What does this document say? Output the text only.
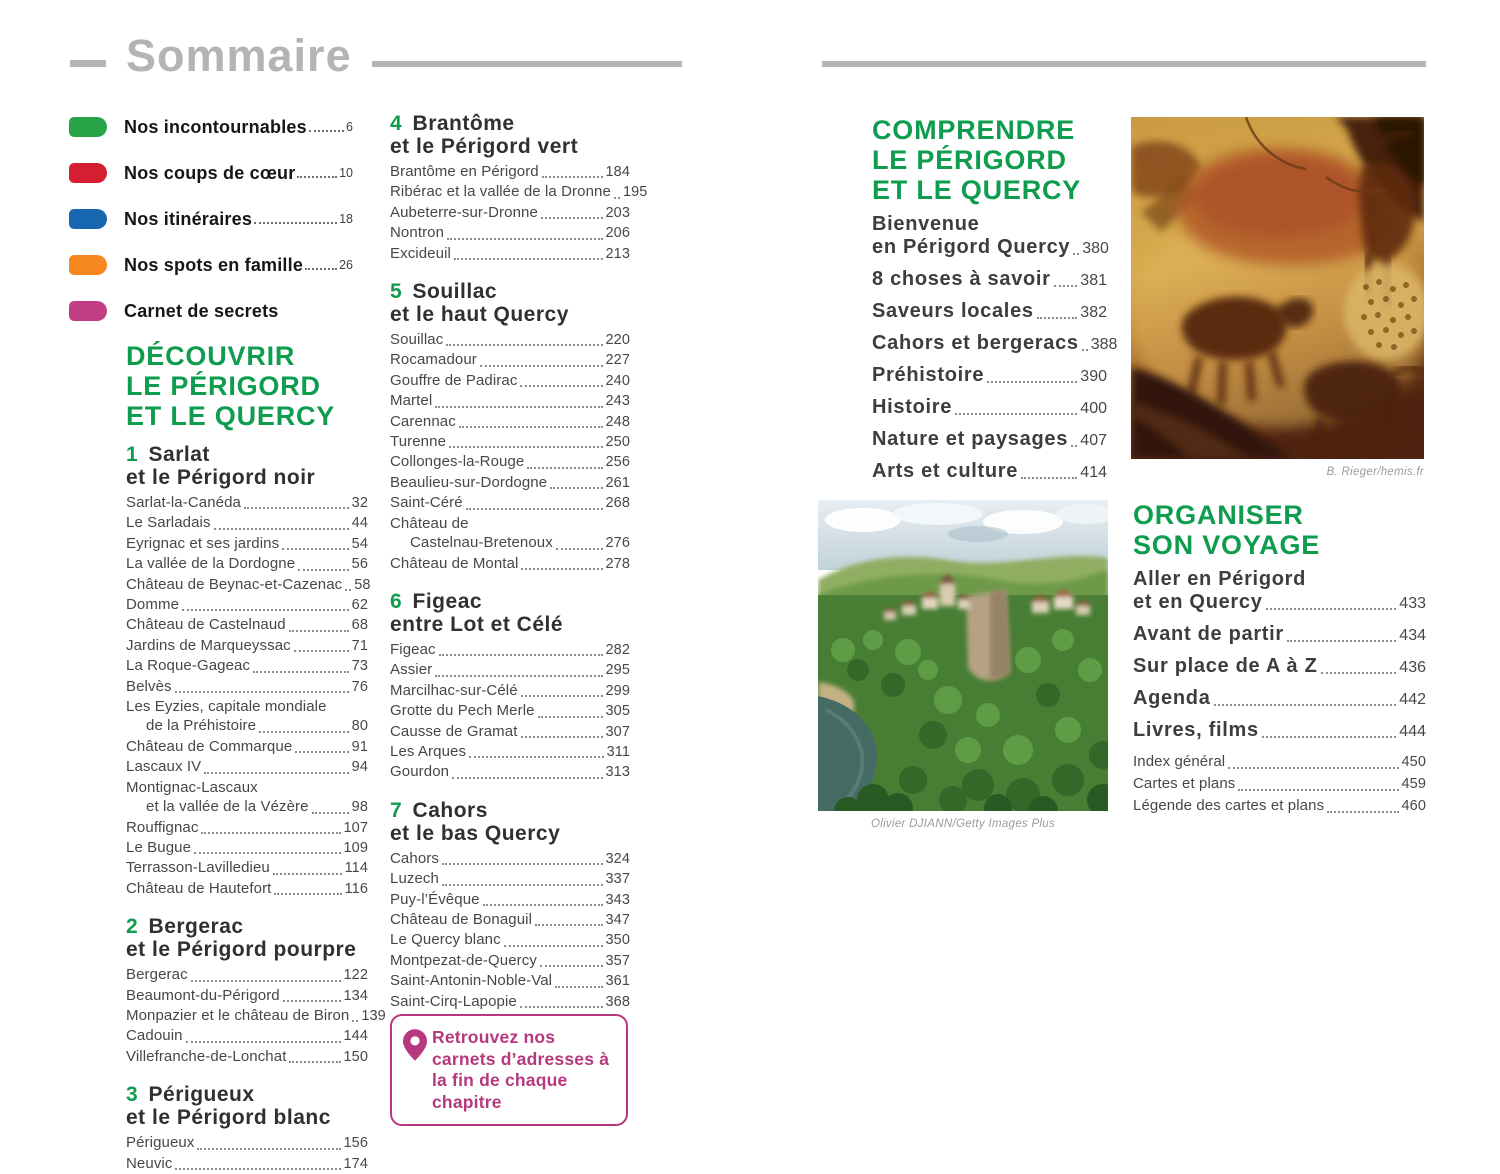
Sommaire
Nos incontournables	6
Nos coups de cœur	10
Nos itinéraires	18
Nos spots en famille	26
Carnet de secrets
DÉCOUVRIR
LE PÉRIGORD
ET LE QUERCY
1 Sarlat
et le Périgord noir
Sarlat-la-Canéda	32
Le Sarladais	44
Eyrignac et ses jardins	54
La vallée de la Dordogne	56
Château de Beynac-et-Cazenac 58
Domme	62
Château de Castelnaud	68
Jardins de Marqueyssac	71
La Roque-Gageac	73
Belvès	76
Les Eyzies, capitale mondiale
de la Préhistoire	80
Château de Commarque	91
Lascaux IV	94
Montignac-Lascaux
et la vallée de la Vézère	98
Rouffignac	107
Le Bugue	109
Terrasson-Lavilledieu	114
Château de Hautefort	116
2 Bergerac
et le Périgord pourpre
Bergerac	122
Beaumont-du-Périgord	134
Monpazier et le château de Biron 139
Cadouin	144
Villefranche-de-Lonchat	150
3 Périgueux
et le Périgord blanc
Périgueux	156
Neuvic	174
4 Brantôme
et le Périgord vert
Brantôme en Périgord	184
Ribérac et la vallée de la Dronne 195
Aubeterre-sur-Dronne	203
Nontron	206
Excideuil	213
5 Souillac
et le haut Quercy
Souillac	220
Rocamadour	227
Gouffre de Padirac	240
Martel	243
Carennac	248
Turenne	250
Collonges-la-Rouge	256
Beaulieu-sur-Dordogne	261
Saint-Céré	268
Château de
Castelnau-Bretenoux	276
Château de Montal	278
6 Figeac
entre Lot et Célé
Figeac	282
Assier	295
Marcilhac-sur-Célé	299
Grotte du Pech Merle	305
Causse de Gramat	307
Les Arques	311
Gourdon	313
7 Cahors
et le bas Quercy
Cahors	324
Luzech	337
Puy-l’Évêque	343
Château de Bonaguil	347
Le Quercy blanc	350
Montpezat-de-Quercy	357
Saint-Antonin-Noble-Val	361
Saint-Cirq-Lapopie	368
Retrouvez nos carnets d’adresses à la fin de chaque chapitre
COMPRENDRE
LE PÉRIGORD
ET LE QUERCY
Bienvenue
en Périgord Quercy 380
8 choses à savoir 381
Saveurs locales	382
Cahors et bergeracs 388
Préhistoire	390
Histoire	400
Nature et paysages 407
Arts et culture	414
ORGANISER
SON VOYAGE
Aller en Périgord
et en Quercy	433
Avant de partir	434
Sur place de A à Z	436
Agenda	442
Livres, films	444
Index général	450
Cartes et plans	459
Légende des cartes et plans	460
B. Rieger/hemis.fr
Olivier DJIANN/Getty Images Plus
